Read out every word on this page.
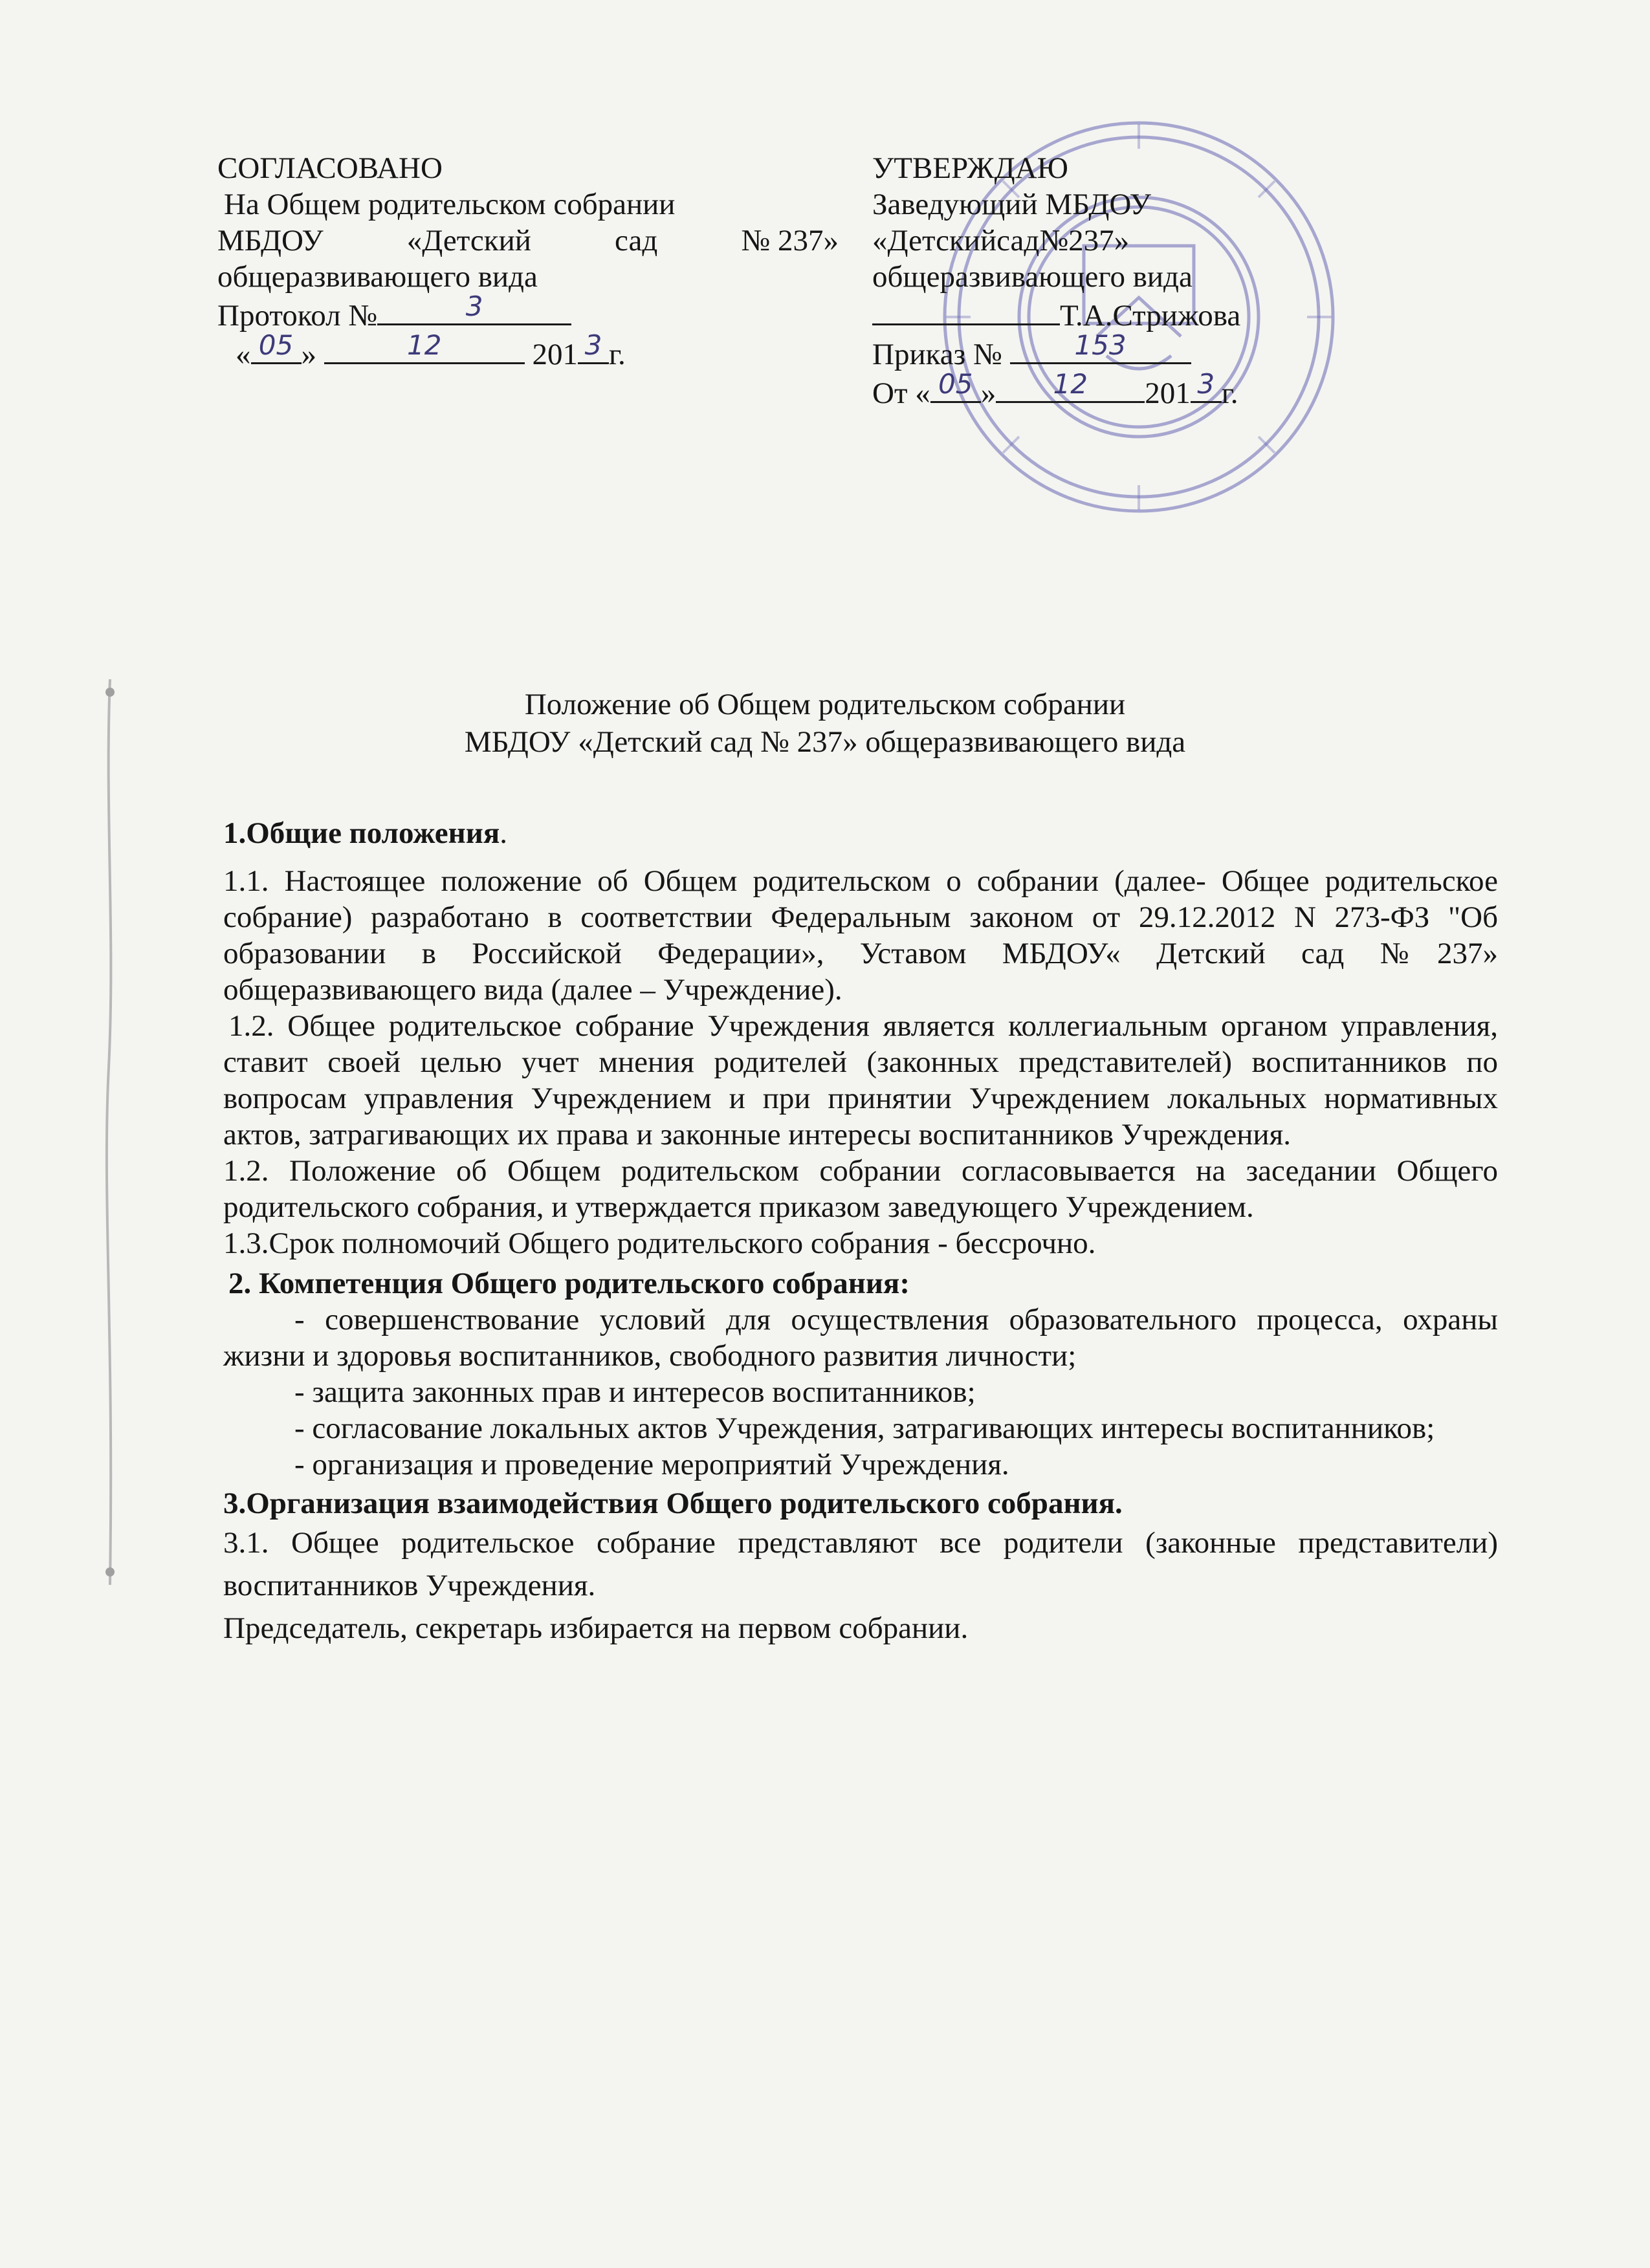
СОГЛАСОВАНО
На Общем родительском собрании
МБДОУ	«Детский	сад	№ 237»
общеразвивающего вида
Протокол №	3
« 05 »	12	201 3 г.
УТВЕРЖДАЮ
Заведующий МБДОУ
«Детскийсад№237»
общеразвивающего вида
Т.А.Стрижова
Приказ №	153
От « 05 »	12	201 3 г.
Положение об Общем родительском собрании
МБДОУ «Детский сад № 237» общеразвивающего вида

1.Общие положения.

1.1. Настоящее положение об Общем родительском о собрании (далее- Общее родительское собрание) разработано в соответствии Федеральным законом от 29.12.2012 N 273-ФЗ "Об образовании в Российской Федерации», Уставом МБДОУ« Детский сад №237» общеразвивающего вида (далее – Учреждение).

1.2. Общее родительское собрание Учреждения является коллегиальным органом управления, ставит своей целью учет мнения родителей (законных представителей) воспитанников по вопросам управления Учреждением и при принятии Учреждением локальных нормативных актов, затрагивающих их права и законные интересы воспитанников Учреждения.

1.2. Положение об Общем родительском собрании согласовывается на заседании Общего родительского собрания, и утверждается приказом заведующего Учреждением.

1.3.Срок полномочий Общего родительского собрания - бессрочно.

2. Компетенция Общего родительского собрания:

- совершенствование условий для осуществления образовательного процесса, охраны жизни и здоровья воспитанников, свободного развития личности;

- защита законных прав и интересов воспитанников;

- согласование локальных актов Учреждения, затрагивающих интересы воспитанников;

- организация и проведение мероприятий Учреждения.

3.Организация взаимодействия Общего родительского собрания.

3.1. Общее родительское собрание представляют все родители (законные представители) воспитанников Учреждения.

Председатель, секретарь избирается на первом собрании.
